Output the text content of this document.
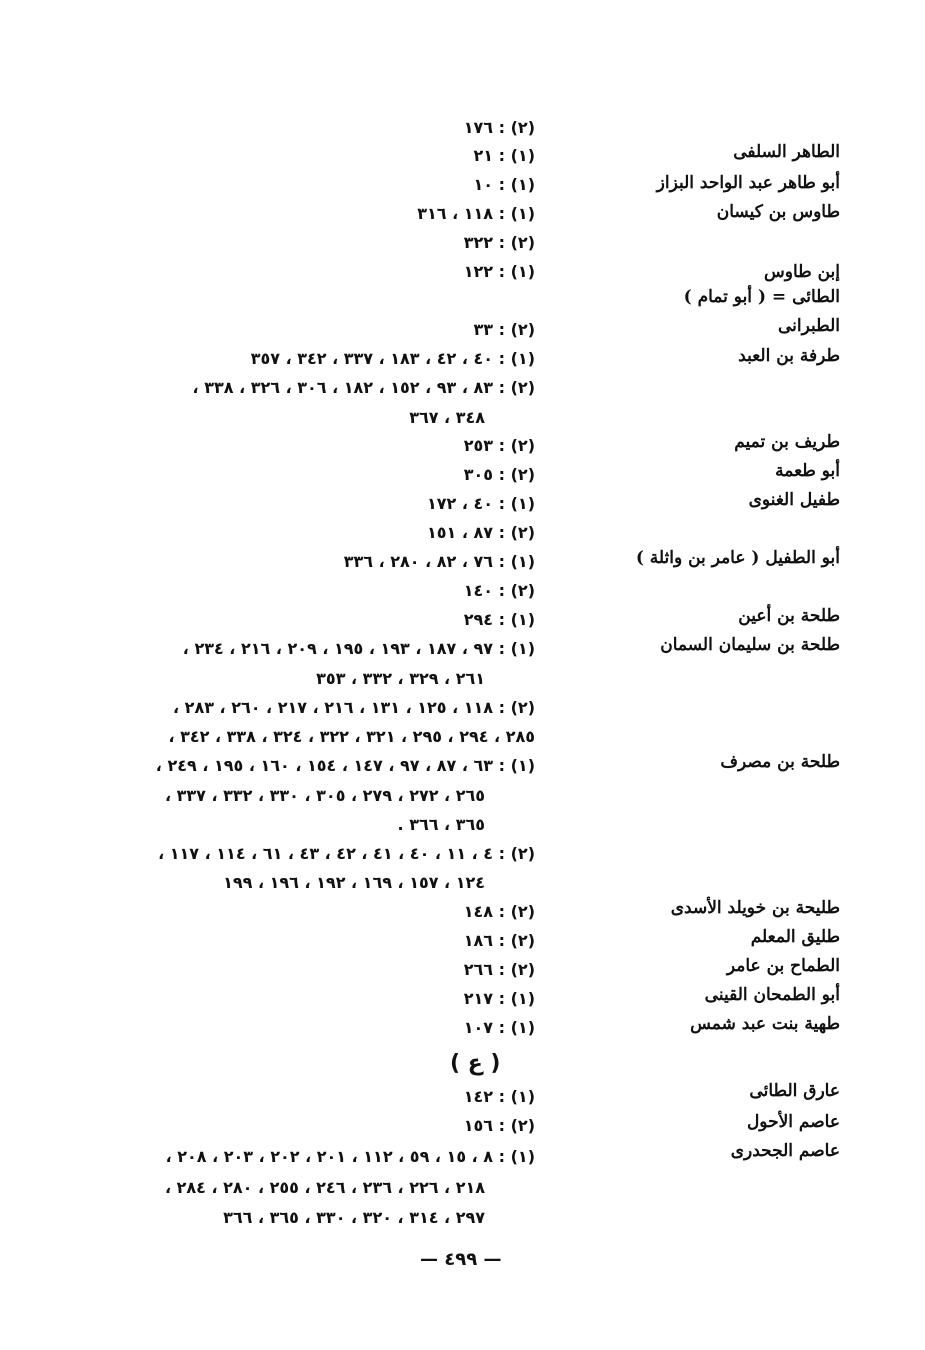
(٢) : ١٧٦
الطاهر السلفى
(١) : ٢١
أبو طاهر عبد الواحد البزاز
(١) : ١٠
طاوس بن كيسان
(١) : ١١٨ ، ٣١٦
(٢) : ٣٢٢
إبن طاوس
(١) : ١٢٢
الطائى = ( أبو تمام )
الطبرانى
(٢) : ٣٣
طرفة بن العبد
(١) : ٤٠ ، ٤٢ ، ١٨٣ ، ٣٣٧ ، ٣٤٢ ، ٣٥٧
(٢) : ٨٣ ، ٩٣ ، ١٥٢ ، ١٨٢ ، ٣٠٦ ، ٣٢٦ ، ٣٣٨ ،
٣٤٨ ، ٣٦٧
طريف بن تميم
(٢) : ٢٥٣
أبو طعمة
(٢) : ٣٠٥
طفيل الغنوى
(١) : ٤٠ ، ١٧٢
(٢) : ٨٧ ، ١٥١
أبو الطفيل ( عامر بن واثلة )
(١) : ٧٦ ، ٨٢ ، ٢٨٠ ، ٣٣٦
(٢) : ١٤٠
طلحة بن أعين
(١) : ٢٩٤
طلحة بن سليمان السمان
(١) : ٩٧ ، ١٨٧ ، ١٩٣ ، ١٩٥ ، ٢٠٩ ، ٢١٦ ، ٢٣٤ ،
٢٦١ ، ٣٢٩ ، ٣٣٢ ، ٣٥٣
(٢) : ١١٨ ، ١٢٥ ، ١٣١ ، ٢١٦ ، ٢١٧ ، ٢٦٠ ، ٢٨٣ ،
٢٨٥ ، ٢٩٤ ، ٢٩٥ ، ٣٢١ ، ٣٢٢ ، ٣٢٤ ، ٣٣٨ ، ٣٤٢ ،
طلحة بن مصرف
(١) : ٦٣ ، ٨٧ ، ٩٧ ، ١٤٧ ، ١٥٤ ، ١٦٠ ، ١٩٥ ، ٢٤٩ ،
٢٦٥ ، ٢٧٢ ، ٢٧٩ ، ٣٠٥ ، ٣٣٠ ، ٣٣٢ ، ٣٣٧ ،
٣٦٥ ، ٣٦٦ .
(٢) : ٤ ، ١١ ، ٤٠ ، ٤١ ، ٤٢ ، ٤٣ ، ٦١ ، ١١٤ ، ١١٧ ،
١٢٤ ، ١٥٧ ، ١٦٩ ، ١٩٢ ، ١٩٦ ، ١٩٩
طليحة بن خويلد الأسدى
(٢) : ١٤٨
طليق المعلم
(٢) : ١٨٦
الطماح بن عامر
(٢) : ٢٦٦
أبو الطمحان القينى
(١) : ٢١٧
طهية بنت عبد شمس
(١) : ١٠٧
( ع )
عارق الطائى
(١) : ١٤٢
عاصم الأحول
(٢) : ١٥٦
عاصم الجحدرى
(١) : ٨ ، ١٥ ، ٥٩ ، ١١٢ ، ٢٠١ ، ٢٠٢ ، ٢٠٣ ، ٢٠٨ ،
٢١٨ ، ٢٢٦ ، ٢٣٦ ، ٢٤٦ ، ٢٥٥ ، ٢٨٠ ، ٢٨٤ ،
٢٩٧ ، ٣١٤ ، ٣٢٠ ، ٣٣٠ ، ٣٦٥ ، ٣٦٦
— ٤٩٩ —
